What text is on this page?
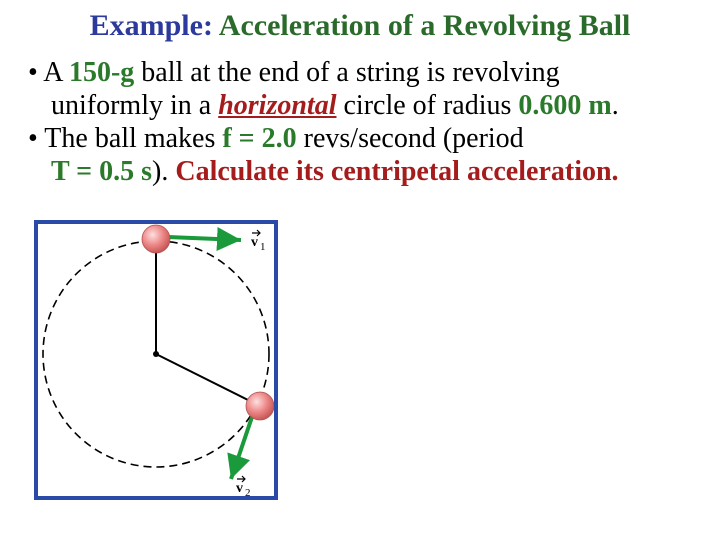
Example: Acceleration of a Revolving Ball
• A 150-g ball at the end of a string is revolving
uniformly in a horizontal circle of radius 0.600 m.
• The ball makes f = 2.0 revs/second (period
T = 0.5 s). Calculate its centripetal acceleration.
v 1
v 2
